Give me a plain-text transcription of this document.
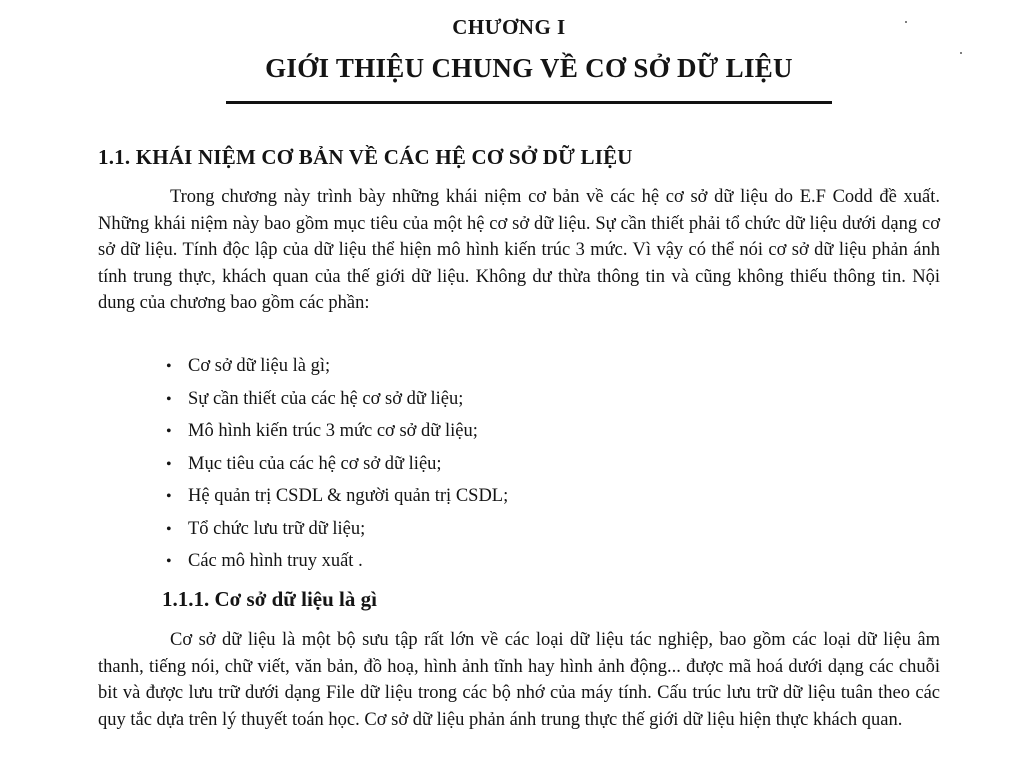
CHƯƠNG I
GIỚI THIỆU CHUNG VỀ CƠ SỞ DỮ LIỆU
1.1. KHÁI NIỆM CƠ BẢN VỀ CÁC HỆ CƠ SỞ DỮ LIỆU

Trong chương này trình bày những khái niệm cơ bản về các hệ cơ sở dữ liệu do E.F Codd đề xuất. Những khái niệm này bao gồm mục tiêu của một hệ cơ sở dữ liệu. Sự cần thiết phải tổ chức dữ liệu dưới dạng cơ sở dữ liệu. Tính độc lập của dữ liệu thể hiện mô hình kiến trúc 3 mức. Vì vậy có thể nói cơ sở dữ liệu phản ánh tính trung thực, khách quan của thế giới dữ liệu. Không dư thừa thông tin và cũng không thiếu thông tin. Nội dung của chương bao gồm các phần:

• Cơ sở dữ liệu là gì;
• Sự cần thiết của các hệ cơ sở dữ liệu;
• Mô hình kiến trúc 3 mức cơ sở dữ liệu;
• Mục tiêu của các hệ cơ sở dữ liệu;
• Hệ quản trị CSDL & người quản trị CSDL;
• Tổ chức lưu trữ dữ liệu;
• Các mô hình truy xuất .
1.1.1. Cơ sở dữ liệu là gì

Cơ sở dữ liệu là một bộ sưu tập rất lớn về các loại dữ liệu tác nghiệp, bao gồm các loại dữ liệu âm thanh, tiếng nói, chữ viết, văn bản, đồ hoạ, hình ảnh tĩnh hay hình ảnh động... được mã hoá dưới dạng các chuỗi bit và được lưu trữ dưới dạng File dữ liệu trong các bộ nhớ của máy tính. Cấu trúc lưu trữ dữ liệu tuân theo các quy tắc dựa trên lý thuyết toán học. Cơ sở dữ liệu phản ánh trung thực thế giới dữ liệu hiện thực khách quan.
